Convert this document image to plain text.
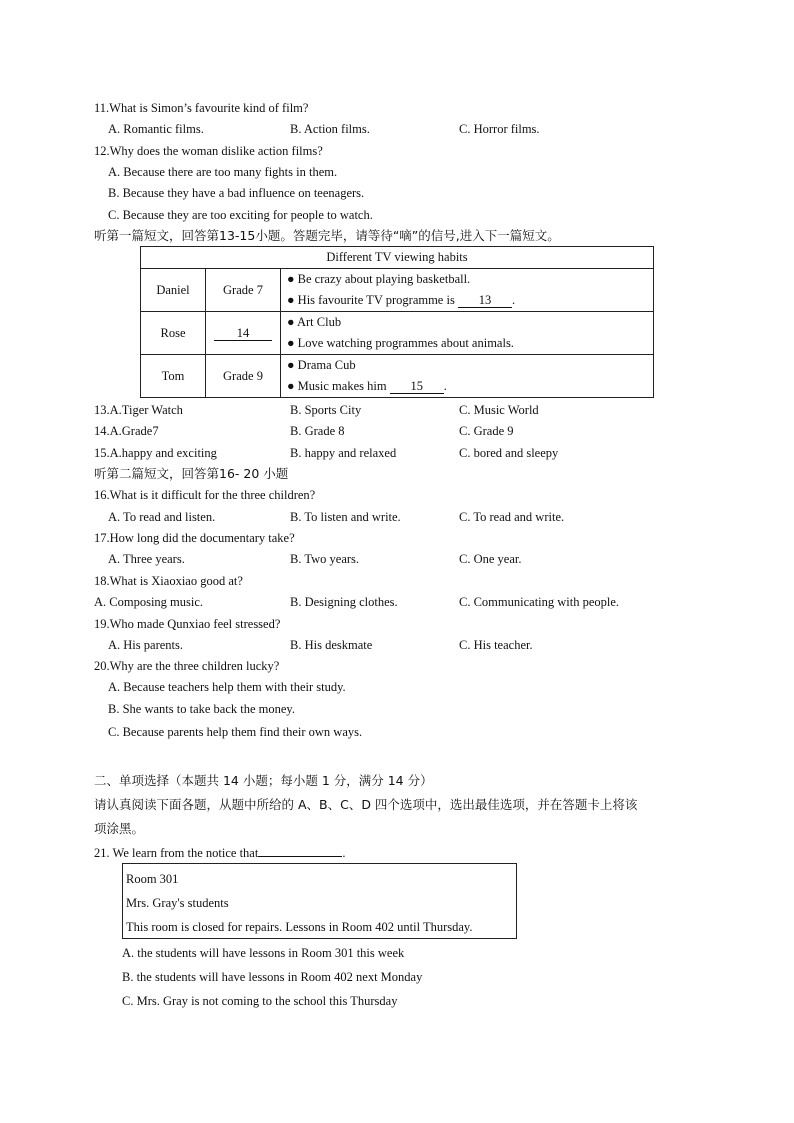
11.What is Simon’s favourite kind of film?
A. Romantic films.	B. Action films.	C. Horror films.
12.Why does the woman dislike action films?
A. Because there are too many fights in them.
B. Because they have a bad influence on teenagers.
C. Because they are too exciting for people to watch.
听第一篇短文，回答第13-15小题。答题完毕，请等待“嘀”的信号,进入下一篇短文。
Different TV viewing habits		
Daniel	Grade 7	● Be crazy about playing basketball.
● His favourite TV programme is 13 .

Rose	14	● Art Club
● Love watching programmes about animals.

Tom	Grade 9	● Drama Cub
● Music makes him 15 .
13.A.Tiger Watch	B. Sports City	C. Music World
14.A.Grade7	B. Grade 8	C. Grade 9
15.A.happy and exciting	B. happy and relaxed	C. bored and sleepy
听第二篇短文，回答第16- 20 小题
16.What is it difficult for the three children?
A. To read and listen.	B. To listen and write.	C. To read and write.
17.How long did the documentary take?
A. Three years.	B. Two years.	C. One year.
18.What is Xiaoxiao good at?
A. Composing music.	B. Designing clothes.	C. Communicating with people.
19.Who made Qunxiao feel stressed?
A. His parents.	B. His deskmate	C. His teacher.
20.Why are the three children lucky?
A. Because teachers help them with their study.
B. She wants to take back the money.
C. Because parents help them find their own ways.
二、单项选择（本题共 14 小题；每小题 1 分，满分 14 分）
请认真阅读下面各题，从题中所给的 A、B、C、D 四个选项中，选出最佳选项，并在答题卡上将该
项涂黑。
21. We learn from the notice that	.
Room 301
Mrs. Gray's students
This room is closed for repairs. Lessons in Room 402 until Thursday.
A. the students will have lessons in Room 301 this week
B. the students will have lessons in Room 402 next Monday
C. Mrs. Gray is not coming to the school this Thursday
